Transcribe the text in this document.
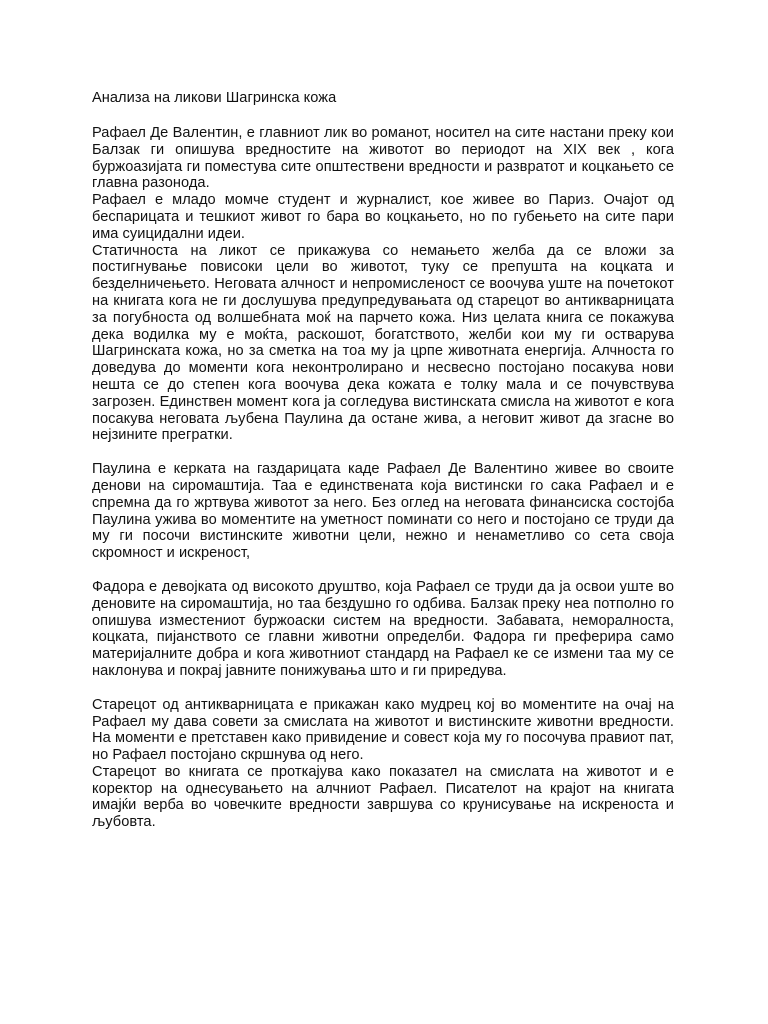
Анализа на ликови Шагринска кожа

Рафаел Де Валентин, е главниот лик во романот, носител на сите настани преку кои Балзак ги опишува вредностите на животот во периодот на XIX век , кога буржоазијата ги поместува сите општествени вредности и развратот и коцкањето се главна разонода.

Рафаел е младо момче студент и журналист, кое живее во Париз. Очајот од беспарицата и тешкиот живот го бара во коцкањето, но по губењето на сите пари има суицидални идеи.

Статичноста на ликот се прикажува со немањето желба да се вложи за постигнување повисоки цели во животот, туку се препушта на коцката и безделничењето. Неговата алчност и непромисленост се воочува уште на почетокот на книгата кога не ги дослушува предупредувањата од старецот во антикварницата за погубноста од волшебната моќ на парчето кожа. Низ целата книга се покажува дека водилка му е моќта, раскошот, богатството, желби кои му ги остварува Шагринската кожа, но за сметка на тоа му ја црпе животната енергија. Алчноста го доведува до моменти кога неконтролирано и несвесно постојано посакува нови нешта се до степен кога воочува дека кожата е толку мала и се почувствува загрозен. Единствен момент кога ја согледува вистинската смисла на животот е кога посакува неговата љубена Паулина да остане жива, а неговит живот да згасне во нејзините прегратки.

Паулина е керката на газдарицата каде Рафаел Де Валентино живее во своите денови на сиромаштија. Таа е единствената која вистински го сака Рафаел и е спремна да го жртвува животот за него. Без оглед на неговата финансиска состојба Паулина ужива во моментите на уметност поминати со него и постојано се труди да му ги посочи вистинските животни цели, нежно и ненаметливо со сета своја скромност и искреност,

Фадора е девојката од високото друштво, која Рафаел се труди да ја освои уште во деновите на сиромаштија, но таа бездушно го одбива. Балзак преку неа потполно го опишува изместениот буржоаски систем на вредности. Забавата, неморалноста, коцката, пијанството се главни животни определби. Фадора ги преферира само материјалните добра и кога животниот стандард на Рафаел ке се измени таа му се наклонува и покрај јавните понижувања што и ги приредува.

Старецот од антикварницата е прикажан како мудрец кој во моментите на очај на Рафаел му дава совети за смислата на животот и вистинските животни вредности. На моменти е претставен како привидение и совест која му го посочува правиот пат, но Рафаел постојано скршнува од него.

Старецот во книгата се проткајува како показател на смислата на животот и е коректор на однесувањето на алчниот Рафаел. Писателот на крајот на книгата имајќи верба во човечките вредности завршува со крунисување на искреноста и љубовта.
